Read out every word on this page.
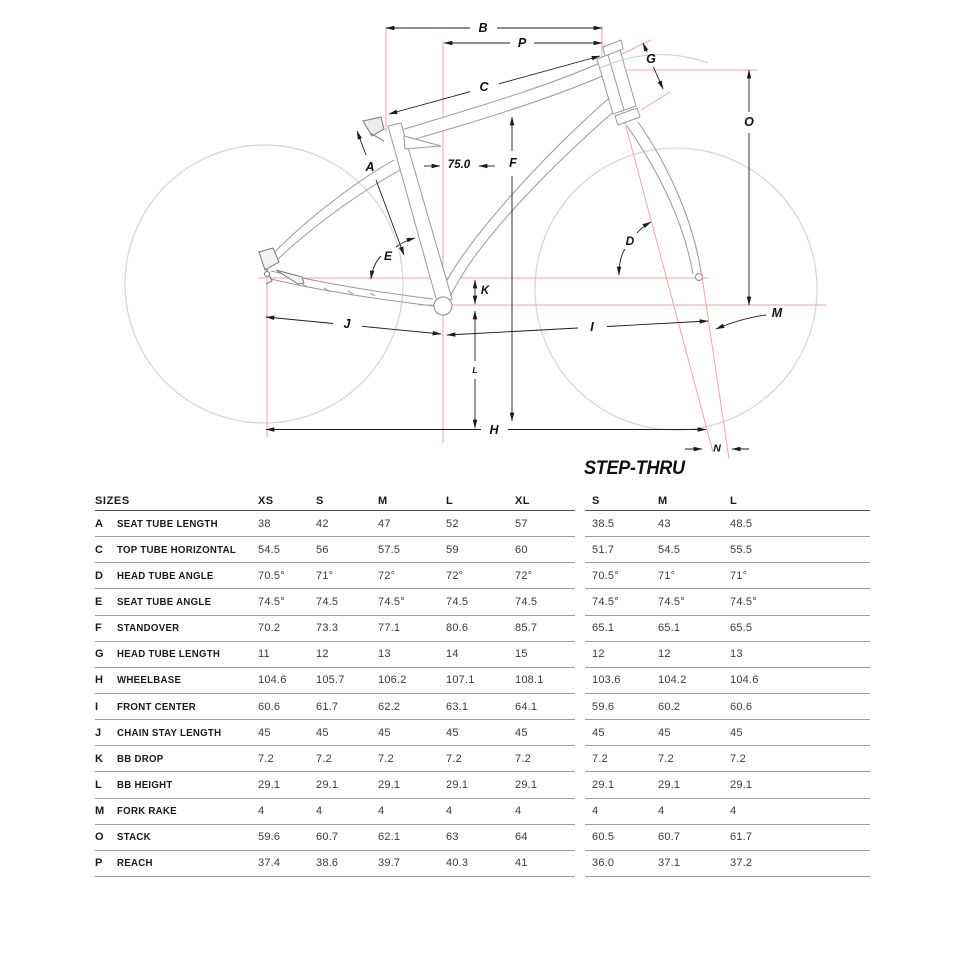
B
P
C
G
O
A	75.0	F
E
D
K
J	I
M
L
H
N
STEP-THRU
SIZES	XS	S	M	L	XL
A	SEAT TUBE LENGTH	38	42	47	52	57
C	TOP TUBE HORIZONTAL	54.5	56	57.5	59	60
D	HEAD TUBE ANGLE	70.5°	71°	72°	72°	72°
E	SEAT TUBE ANGLE	74.5°	74.5	74.5°	74.5	74.5
F	STANDOVER	70.2	73.3	77.1	80.6	85.7
G	HEAD TUBE LENGTH	11	12	13	14	15
H	WHEELBASE	104.6	105.7	106.2	107.1	108.1
I	FRONT CENTER	60.6	61.7	62.2	63.1	64.1
J	CHAIN STAY LENGTH	45	45	45	45	45
K	BB DROP	7.2	7.2	7.2	7.2	7.2
L	BB HEIGHT	29.1	29.1	29.1	29.1	29.1
M	FORK RAKE	4	4	4	4	4
O	STACK	59.6	60.7	62.1	63	64
P	REACH	37.4	38.6	39.7	40.3	41
S	M	L
38.5	43	48.5
51.7	54.5	55.5
70.5°	71°	71°
74.5°	74.5°	74.5°
65.1	65.1	65.5
12	12	13
103.6	104.2	104.6
59.6	60.2	60.6
45	45	45
7.2	7.2	7.2
29.1	29.1	29.1
4	4	4
60.5	60.7	61.7
36.0	37.1	37.2
